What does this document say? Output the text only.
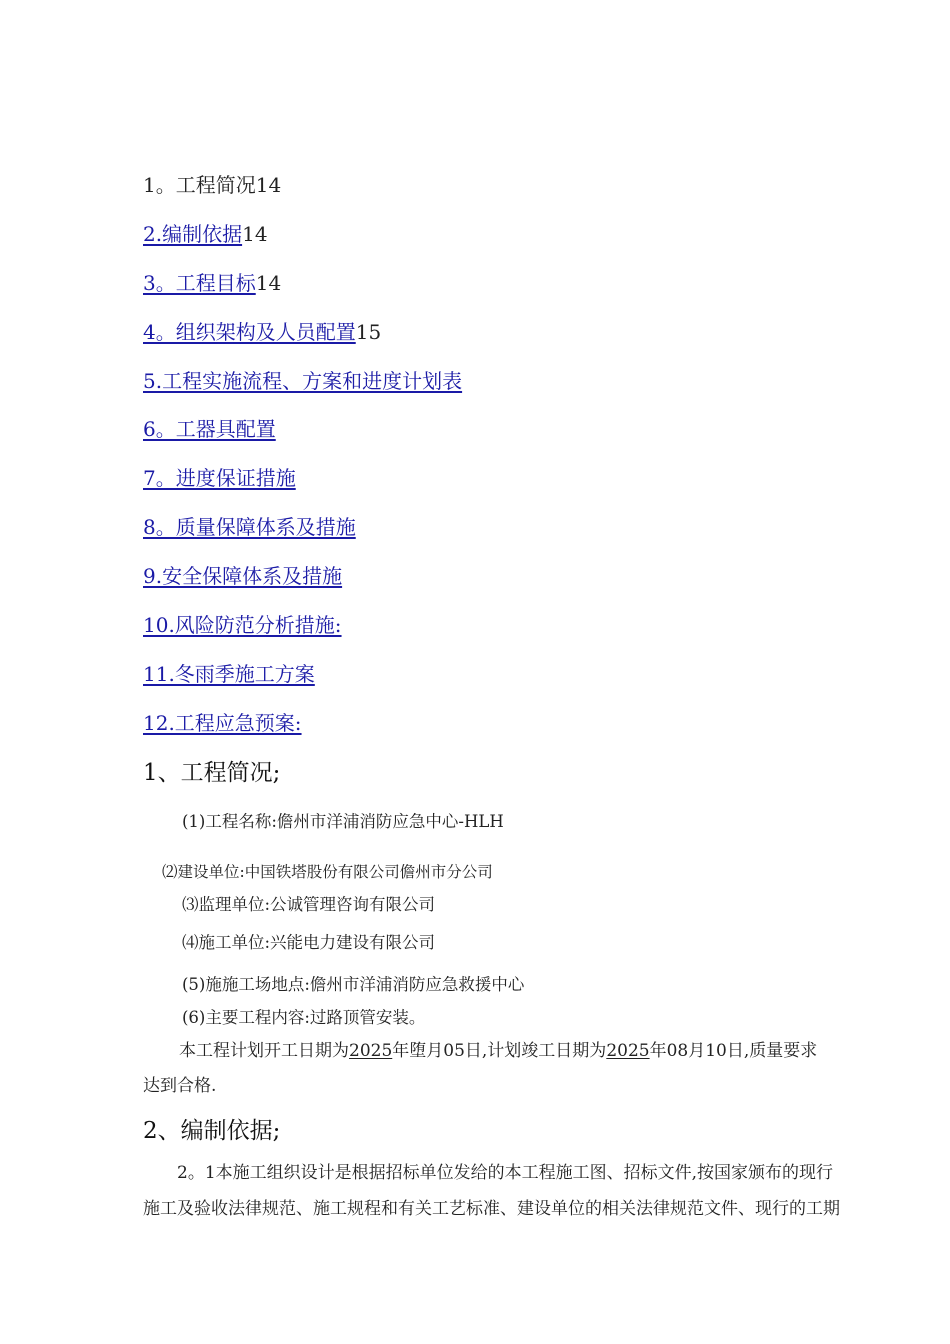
1。工程简况14
2.编制依据14
3。工程目标14
4。组织架构及人员配置15
5.工程实施流程、方案和进度计划表
6。工器具配置
7。进度保证措施
8。质量保障体系及措施
9.安全保障体系及措施
10.风险防范分析措施:
11.冬雨季施工方案
12.工程应急预案:
1、工程简况;
(1)工程名称:儋州市洋浦消防应急中心-HLH
⑵建设单位:中国铁塔股份有限公司儋州市分公司
⑶监理单位:公诚管理咨询有限公司
⑷施工单位:兴能电力建设有限公司
(5)施施工场地点:儋州市洋浦消防应急救援中心
(6)主要工程内容:过路顶管安装。
本工程计划开工日期为2025年堕月05日,计划竣工日期为2025年08月10日,质量要求
达到合格.
2、编制依据;
2。1本施工组织设计是根据招标单位发给的本工程施工图、招标文件,按国家颁布的现行
施工及验收法律规范、施工规程和有关工艺标准、建设单位的相关法律规范文件、现行的工期
